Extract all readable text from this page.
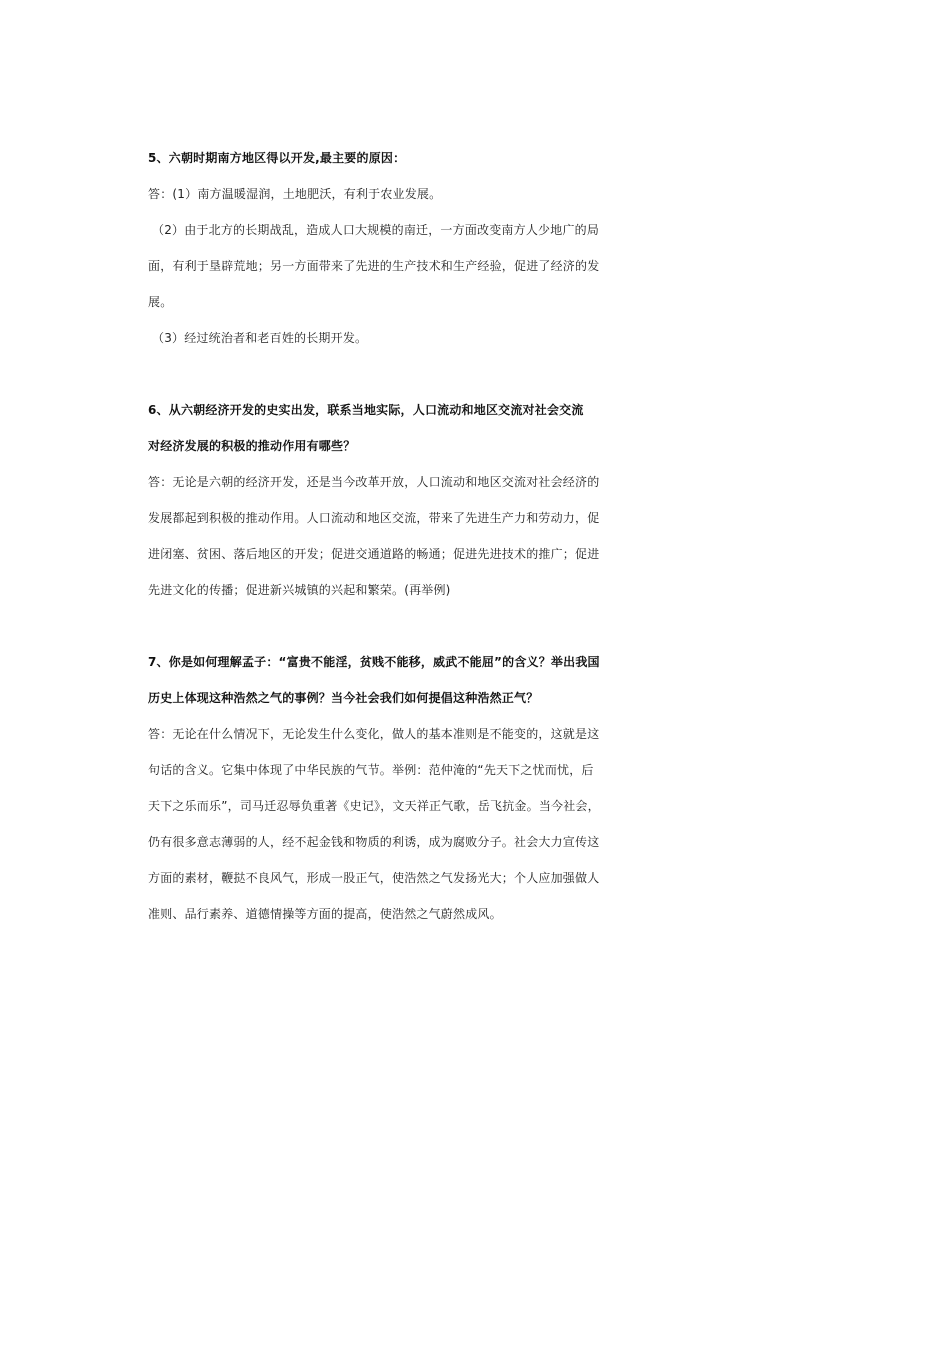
5、六朝时期南方地区得以开发,最主要的原因：
答：(1）南方温暖湿润，土地肥沃，有利于农业发展。
（2）由于北方的长期战乱，造成人口大规模的南迁，一方面改变南方人少地广的局
面，有利于垦辟荒地；另一方面带来了先进的生产技术和生产经验，促进了经济的发
展。
（3）经过统治者和老百姓的长期开发。
6、从六朝经济开发的史实出发，联系当地实际，人口流动和地区交流对社会交流
对经济发展的积极的推动作用有哪些？
答：无论是六朝的经济开发，还是当今改革开放，人口流动和地区交流对社会经济的
发展都起到积极的推动作用。人口流动和地区交流，带来了先进生产力和劳动力，促
进闭塞、贫困、落后地区的开发；促进交通道路的畅通；促进先进技术的推广；促进
先进文化的传播；促进新兴城镇的兴起和繁荣。(再举例)
7、你是如何理解孟子：“富贵不能淫，贫贱不能移，威武不能屈”的含义？举出我国
历史上体现这种浩然之气的事例？当今社会我们如何提倡这种浩然正气？
答：无论在什么情况下，无论发生什么变化，做人的基本准则是不能变的，这就是这
句话的含义。它集中体现了中华民族的气节。举例：范仲淹的“先天下之忧而忧，后
天下之乐而乐”，司马迁忍辱负重著《史记》，文天祥正气歌，岳飞抗金。当今社会，
仍有很多意志薄弱的人，经不起金钱和物质的利诱，成为腐败分子。社会大力宣传这
方面的素材，鞭挞不良风气，形成一股正气，使浩然之气发扬光大；个人应加强做人
准则、品行素养、道德情操等方面的提高，使浩然之气蔚然成风。
